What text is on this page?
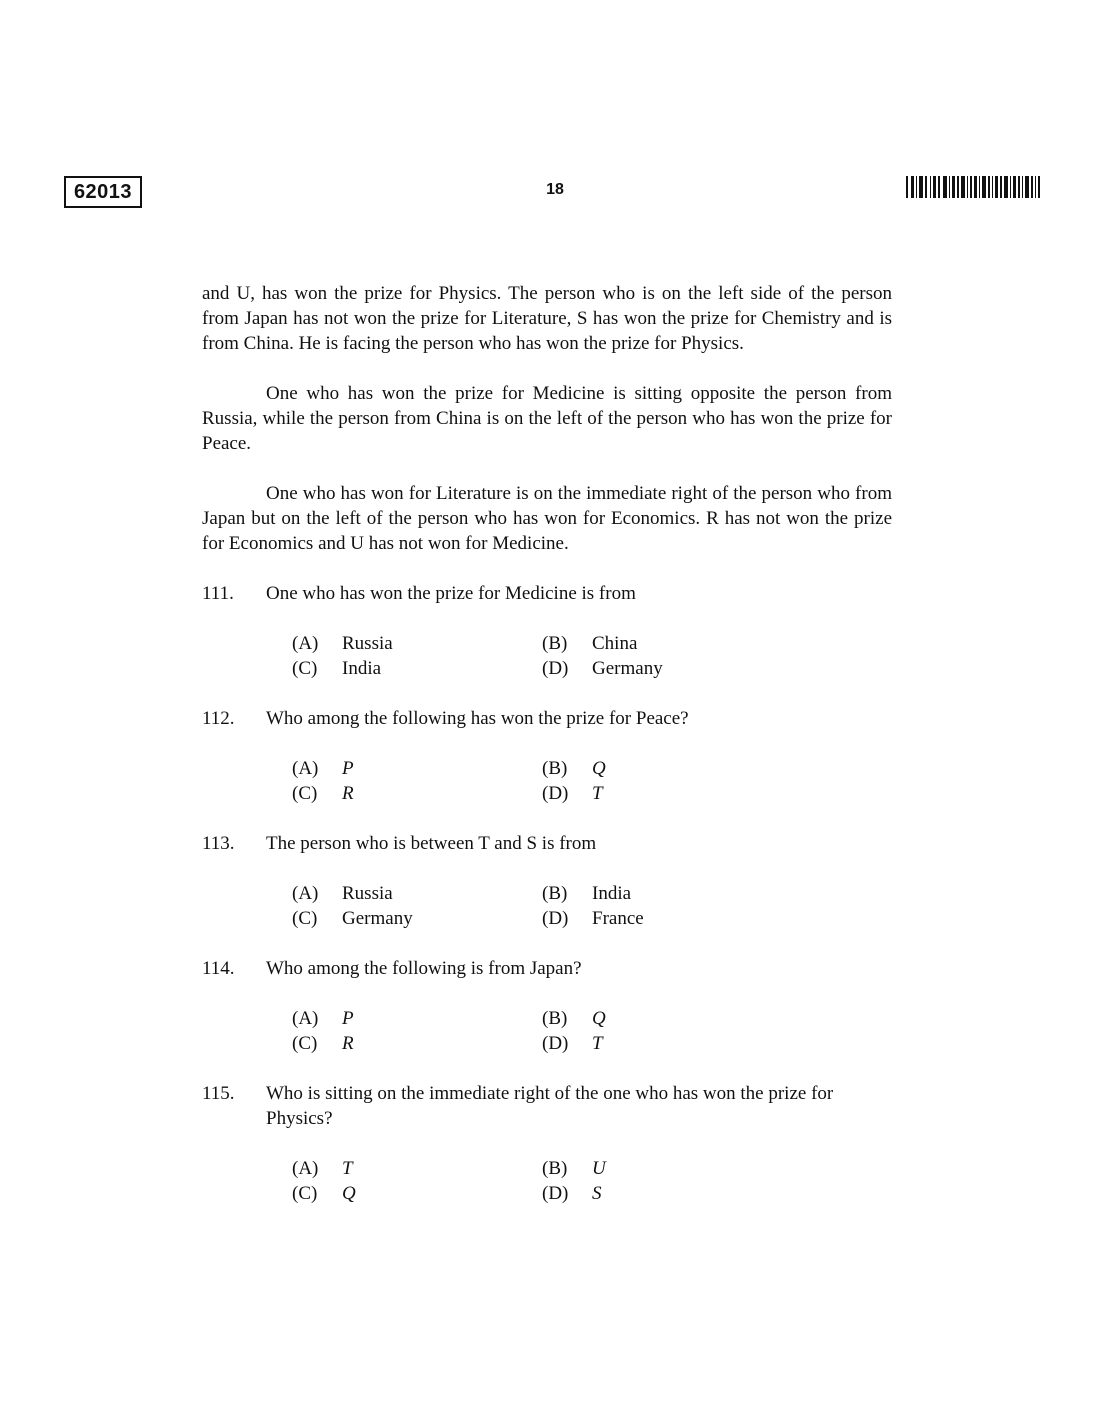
62013	18

and U, has won the prize for Physics. The person who is on the left side of the person from Japan has not won the prize for Literature, S has won the prize for Chemistry and is from China. He is facing the person who has won the prize for Physics.

One who has won the prize for Medicine is sitting opposite the person from Russia, while the person from China is on the left of the person who has won the prize for Peace.

One who has won for Literature is on the immediate right of the person who from Japan but on the left of the person who has won for Economics. R has not won the prize for Economics and U has not won for Medicine.

111.	One who has won the prize for Medicine is from
(A)	Russia	(B)	China
(C)	India	(D)	Germany
112.	Who among the following has won the prize for Peace?
(A)	P	(B)	Q
(C)	R	(D)	T
113.	The person who is between T and S is from
(A)	Russia	(B)	India
(C)	Germany	(D)	France
114.	Who among the following is from Japan?
(A)	P	(B)	Q
(C)	R	(D)	T
115.	Who is sitting on the immediate right of the one who has won the prize for Physics?
(A)	T	(B)	U
(C)	Q	(D)	S
